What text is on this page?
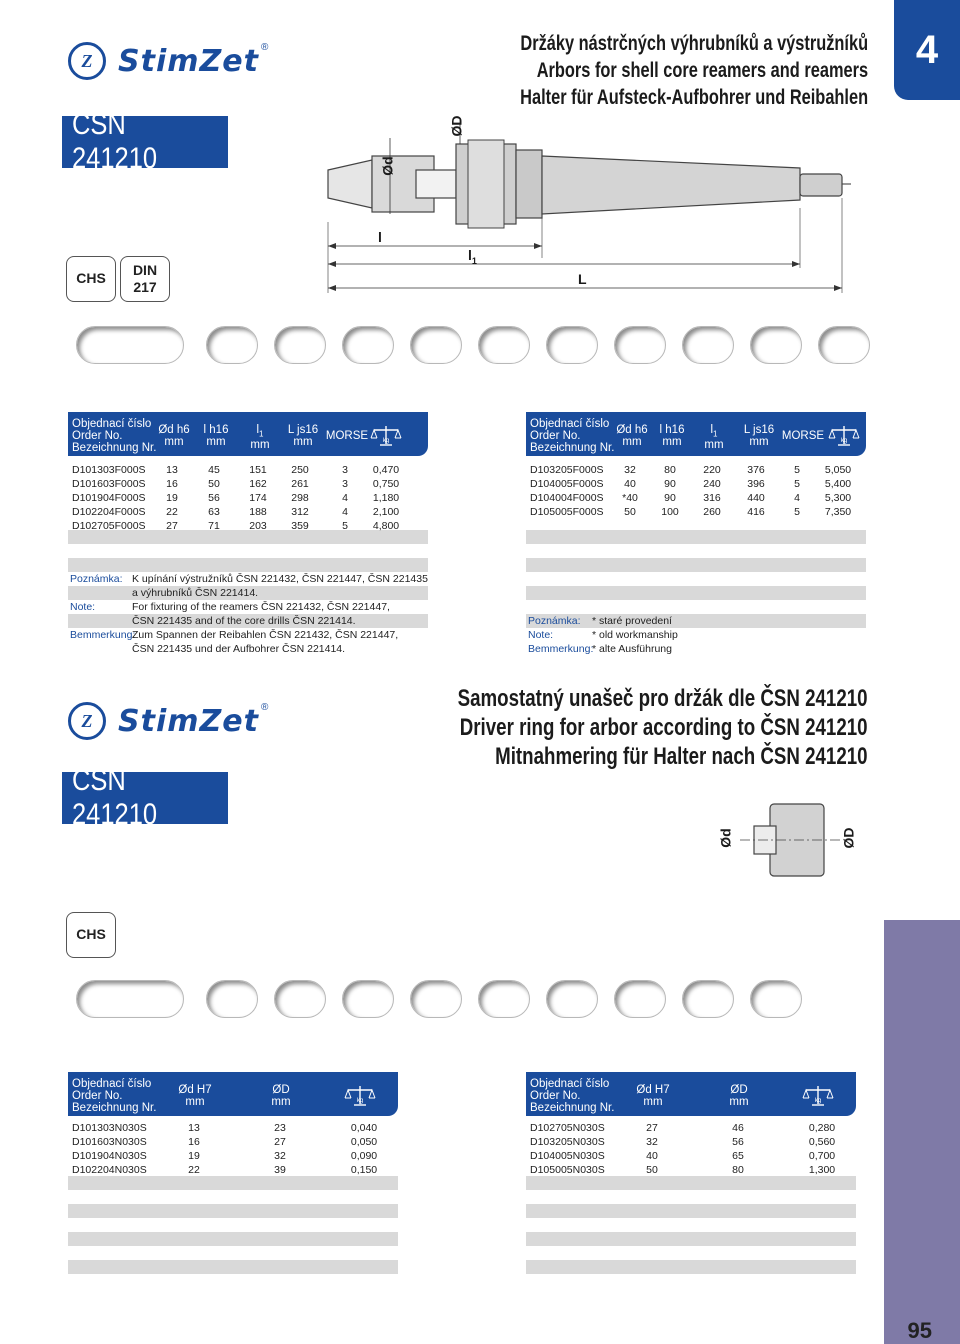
Z StimZet ®	Držáky nástrčných výhrubníků a výstružníků
Arbors for shell core reamers and reamers
Halter für Aufsteck-Aufbohrer und Reibahlen
4
ČSN 241210	Ød
ØD
l
$l_1$
L
CHS
DIN
217
Objednací číslo
Order No.
Bezeichnung Nr.
Ød h6
mm
l h16
mm
$l_1$
mm
L js16
mm
MORSE	kg
D101303F000S	13	45	151	250	3	0,470
D101603F000S	16	50	162	261	3	0,750
D101904F000S	19	56	174	298	4	1,180
D102204F000S	22	63	188	312	4	2,100
D102705F000S	27	71	203	359	5	4,800
Poznámka: K upínání výstružníků ČSN 221432, ČSN 221447, ČSN 221435
a výhrubníků ČSN 221414.
Note:	For fixturing of the reamers ČSN 221432, ČSN 221447,
ČSN 221435 and of the core drills ČSN 221414.
Bemmerkung:
Zum Spannen der Reibahlen ČSN 221432, ČSN 221447,
ČSN 221435 und der Aufbohrer ČSN 221414.
Objednací číslo
Order No.
Bezeichnung Nr.
Ød h6
mm
l h16
mm
$l_1$
mm
L js16
mm
MORSE	kg
D103205F000S	32	80	220	376	5	5,050
D104005F000S	40	90	240	396	5	5,400
D104004F000S	*40	90	316	440	4	5,300
D105005F000S	50	100	260	416	5	7,350
Poznámka: * staré provedení
Note:	* old workmanship
Bemmerkung:
* alte Ausführung
Z StimZet ®	Samostatný unašeč pro držák dle ČSN 241210
Driver ring for arbor according to ČSN 241210
Mitnahmering für Halter nach ČSN 241210
ČSN 241210
Ød	ØD
CHS
Objednací číslo
Order No.
Bezeichnung Nr.
Ød H7
mm
ØD
mm	kg
D101303N030S	13	23	0,040
D101603N030S	16	27	0,050
D101904N030S	19	32	0,090
D102204N030S	22	39	0,150
Objednací číslo
Order No.
Bezeichnung Nr.
Ød H7
mm
ØD
mm	kg
D102705N030S	27	46	0,280
D103205N030S	32	56	0,560
D104005N030S	40	65	0,700
D105005N030S	50	80	1,300
95
